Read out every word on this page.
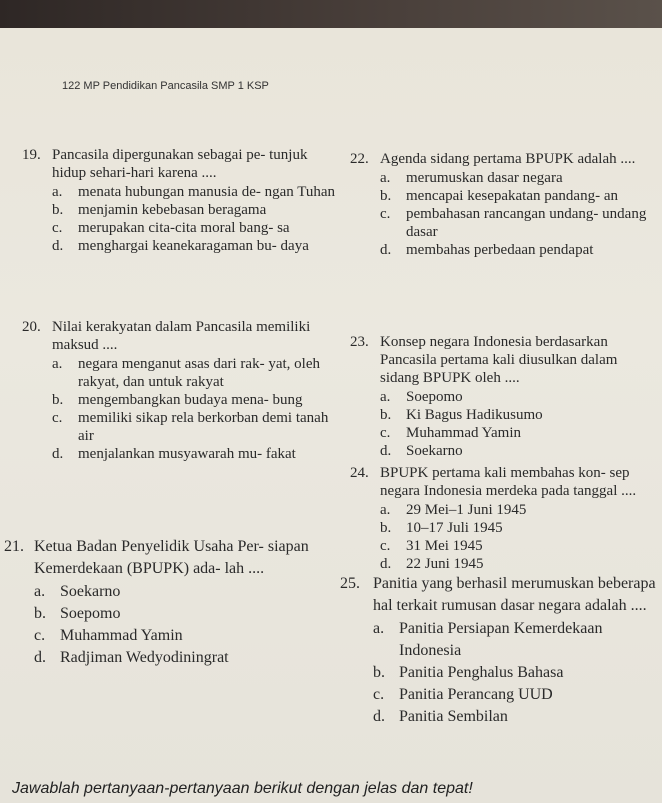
122 MP Pendidikan Pancasila SMP 1 KSP
19. Pancasila dipergunakan sebagai pe- tunjuk hidup sehari-hari karena ....
a. menata hubungan manusia de- ngan Tuhan
b. menjamin kebebasan beragama
c. merupakan cita-cita moral bang- sa
d. menghargai keanekaragaman bu- daya
20. Nilai kerakyatan dalam Pancasila memiliki maksud ....
a. negara menganut asas dari rak- yat, oleh rakyat, dan untuk rakyat
b. mengembangkan budaya mena- bung
c. memiliki sikap rela berkorban demi tanah air
d. menjalankan musyawarah mu- fakat
21. Ketua Badan Penyelidik Usaha Per- siapan Kemerdekaan (BPUPK) ada- lah ....
a. Soekarno
b. Soepomo
c. Muhammad Yamin
d. Radjiman Wedyodiningrat
22. Agenda sidang pertama BPUPK adalah ....
a. merumuskan dasar negara
b. mencapai kesepakatan pandang- an
c. pembahasan rancangan undang- undang dasar
d. membahas perbedaan pendapat
23. Konsep negara Indonesia berdasarkan Pancasila pertama kali diusulkan dalam sidang BPUPK oleh ....
a. Soepomo
b. Ki Bagus Hadikusumo
c. Muhammad Yamin
d. Soekarno
24. BPUPK pertama kali membahas kon- sep negara Indonesia merdeka pada tanggal ....
a. 29 Mei–1 Juni 1945
b. 10–17 Juli 1945
c. 31 Mei 1945
d. 22 Juni 1945
25. Panitia yang berhasil merumuskan beberapa hal terkait rumusan dasar negara adalah ....
a. Panitia Persiapan Kemerdekaan Indonesia
b. Panitia Penghalus Bahasa
c. Panitia Perancang UUD
d. Panitia Sembilan
Jawablah pertanyaan-pertanyaan berikut dengan jelas dan tepat!
